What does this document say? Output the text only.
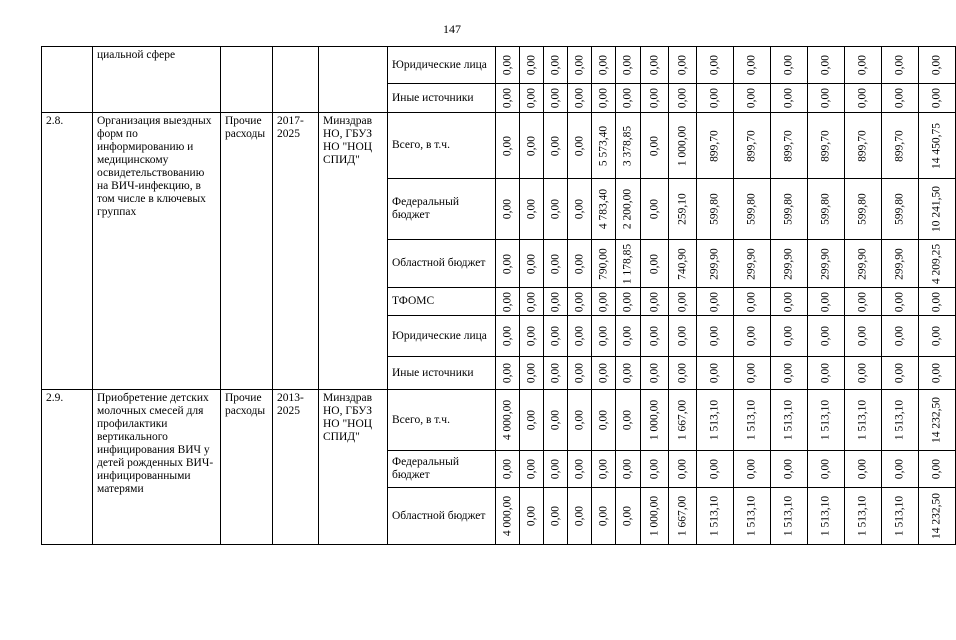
147
	циальной сфере				Юридические лица	0,00	0,00	0,00	0,00	0,00	0,00	0,00	0,00	0,00	0,00	0,00	0,00	0,00	0,00	0,00

					Иные источники	0,00	0,00	0,00	0,00	0,00	0,00	0,00	0,00	0,00	0,00	0,00	0,00	0,00	0,00	0,00

2.8.	Организация выездных форм по информированию и медицинскому освидетельствованию на ВИЧ-инфекцию, в том числе в ключевых группах	Прочие расходы	2017-2025	Минздрав НО, ГБУЗ НО "НОЦ СПИД"	Всего, в т.ч.	0,00	0,00	0,00	0,00	5 573,40	3 378,85	0,00	1 000,00	899,70	899,70	899,70	899,70	899,70	899,70	14 450,75

					Федеральный бюджет	0,00	0,00	0,00	0,00	4 783,40	2 200,00	0,00	259,10	599,80	599,80	599,80	599,80	599,80	599,80	10 241,50

					Областной бюджет	0,00	0,00	0,00	0,00	790,00	1 178,85	0,00	740,90	299,90	299,90	299,90	299,90	299,90	299,90	4 209,25

					ТФОМС	0,00	0,00	0,00	0,00	0,00	0,00	0,00	0,00	0,00	0,00	0,00	0,00	0,00	0,00	0,00

					Юридические лица	0,00	0,00	0,00	0,00	0,00	0,00	0,00	0,00	0,00	0,00	0,00	0,00	0,00	0,00	0,00

					Иные источники	0,00	0,00	0,00	0,00	0,00	0,00	0,00	0,00	0,00	0,00	0,00	0,00	0,00	0,00	0,00

2.9.	Приобретение детских молочных смесей для профилактики вертикального инфицирования ВИЧ у детей рожденных ВИЧ-инфицированными матерями	Прочие расходы	2013-2025	Минздрав НО, ГБУЗ НО "НОЦ СПИД"	Всего, в т.ч.	4 000,00	0,00	0,00	0,00	0,00	0,00	1 000,00	1 667,00	1 513,10	1 513,10	1 513,10	1 513,10	1 513,10	1 513,10	14 232,50

					Федеральный бюджет	0,00	0,00	0,00	0,00	0,00	0,00	0,00	0,00	0,00	0,00	0,00	0,00	0,00	0,00	0,00

					Областной бюджет	4 000,00	0,00	0,00	0,00	0,00	0,00	1 000,00	1 667,00	1 513,10	1 513,10	1 513,10	1 513,10	1 513,10	1 513,10	14 232,50
